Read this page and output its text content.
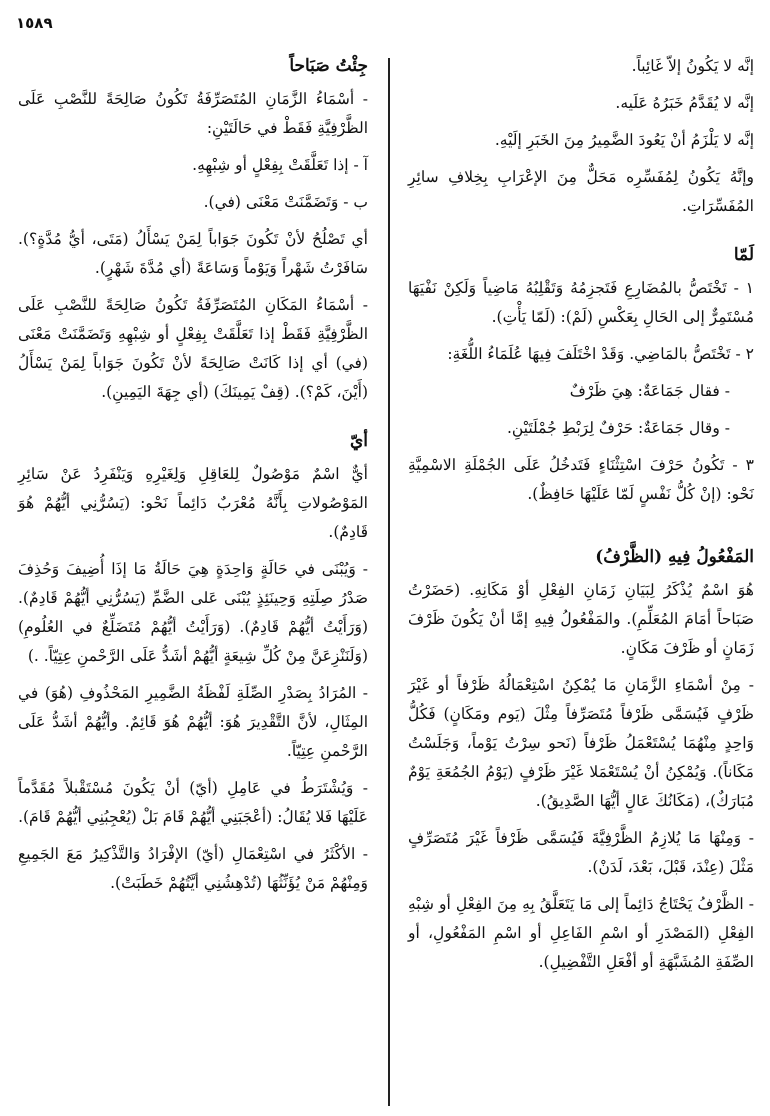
١٥٨٩
إنَّه لا يَكُونُ إلاّ غَائِباً.
إنَّه لا يُقَدَّمُ خَبَرُهُ عَلَيه.
إنَّه لا يَلْزَمُ أنْ يَعُودَ الضَّمِيرُ مِنَ الخَبَرِ إلَيْهِ.
وإنَّهُ يَكُونُ لِمُفَسِّرِه مَحَلٌّ مِنَ الإعْرَابِ بِخِلافِ سائِرِ المُفَسِّرَاتِ.
لَمّا
١ - تَخْتَصُّ بالمُضَارِعِ فَتَجزِمُهُ وَتَقْلِبُهُ مَاضِياً وَلَكِنْ نَفْيَهَا مُسْتَمِرٌّ إلى الحَالِ بِعَكْسِ (لَمْ): (لَمّا يَأْتِ).
٢ - تَخْتَصُّ بالمَاضِي. وَقَدْ اخْتَلَفَ فِيهَا عُلَمَاءُ اللُّغَةِ:
- فقال جَمَاعَةٌ: هِيَ ظَرْفٌ
- وقال جَمَاعَةٌ: حَرْفٌ لِرَبْطِ جُمْلَتَيْنِ.
٣ - تَكُونُ حَرْفَ اسْتِثْنَاءٍ فَتَدخُلُ عَلَى الجُمْلَةِ الاسْمِيَّةِ نَحْو: (إنْ كُلُّ نَفْسٍ لَمّا عَلَيْهَا حَافِظٌ).
المَفْعُولُ فِيهِ (الظَّرْفُ)
هُوَ اسْمٌ يُذْكَرُ لِبَيَانِ زَمَانِ الفِعْلِ أوْ مَكَانِهِ. (حَضَرْتُ صَبَاحاً أمَامَ المُعَلِّمِ). والمَفْعُولُ فِيهِ إمَّا أنْ يَكُونَ ظَرْفَ زَمَانٍ أو ظَرْفَ مَكَانٍ.
- مِنْ أسْمَاءِ الزَّمَانِ مَا يُمْكِنُ اسْتِعْمَالُهُ ظَرْفاً أو غَيْرَ ظَرْفٍ فَيُسَمَّى ظَرْفاً مُتَصَرِّفاً مِثْلَ (يَوم ومَكَانٍ) فَكُلُّ وَاحِدٍ مِنْهُمَا يُسْتَعْمَلُ ظَرْفاً (نَحو سِرْتُ يَوْماً، وَجَلَسْتُ مَكَاناً). وَيُمْكِنُ أنْ يُسْتَعْمَلا غَيْرَ ظَرْفٍ (يَوْمُ الجُمُعَةِ يَوْمٌ مُبَارَكٌ)، (مَكَانُكَ عَالٍ أيُّهَا الصَّدِيقُ).
- وَمِنْهَا مَا يُلازِمُ الظَّرْفِيَّةَ فَيُسَمَّى ظَرْفاً غَيْرَ مُتَصَرِّفٍ مَثْلَ (عِنْدَ، قَبْلَ، بَعْدَ، لَدَنْ).
- الظَّرْفُ يَحْتَاجُ دَائِماً إلى مَا يَتَعَلَّقُ بِهِ مِنَ الفِعْلِ أو شِبْهِ الفِعْلِ (المَصْدَرِ أو اسْمِ الفَاعِلِ أو اسْمِ المَفْعُولِ، أو الصِّفَةِ المُشَبَّهَةِ أو أفْعَلِ التَّفْضِيلِ).
جِئْتُ صَبَاحاً
- أسْمَاءُ الزَّمَانِ المُتَصَرِّفَةُ تَكُونُ صَالِحَةً للنَّصْبِ عَلَى الظَّرْفِيَّةِ فَقَطْ في حَالَتَيْنِ:
آ - إذا تَعَلَّقَتْ بِفِعْلٍ أو شِبْهِهِ.
ب - وَتَضَمَّنَتْ مَعْنَى (في).
أي تَصْلُحُ لأنْ تَكُونَ جَوَاباً لِمَنْ يَسْأَلُ (مَتَى، أيُّ مُدَّةٍ؟). سَافَرْتُ شَهْراً وَيَوْماً وَسَاعَةً (أي مُدَّةَ شَهْرٍ).
- أسْمَاءُ المَكَانِ المُتَصَرِّفَةُ تَكُونُ صَالِحَةً للنَّصْبِ عَلَى الظَّرْفِيَّةِ فَقَطْ إذا تَعَلَّقَتْ بِفِعْلٍ أو شِبْهِهِ وَتَضَمَّنَتْ مَعْنَى (في) أي إذا كَانَتْ صَالِحَةً لأنْ تَكُونَ جَوَاباً لِمَنْ يَسْأَلُ (أَيْنَ، كَمْ؟). (قِفْ يَمِينَكَ) (أي جِهَةَ اليَمِينِ).
أيّ
أيٌّ اسْمٌ مَوْصُولٌ لِلعَاقِلِ وَلِغَيْرِهِ وَيَنْفَرِدُ عَنْ سَائِرِ المَوْصُولاتِ بِأَنَّهُ مُعْرَبٌ دَائِماً نَحْو: (يَسُرُّنِي أيُّهُمْ هُوَ قَادِمٌ).
- وَيُبْنَى في حَالَةٍ وَاحِدَةٍ هِيَ حَالَةُ مَا إذَا أُضِيفَ وَحُذِفَ صَدْرُ صِلَتِهِ وَحِينَئِذٍ يُبْنَى عَلى الضَّمِّ (يَسُرُّنِي أيُّهُمْ قَادِمٌ). (وَرَأَيْتُ أيُّهُمْ قَادِمٌ). (وَرَأَيْتُ أيُّهُمْ مُتَضَلِّعٌ في العُلُومِ) (وَلَنَنْزِعَنَّ مِنْ كُلِّ شِيعَةٍ أيُّهُمْ أشَدُّ عَلَى الرَّحْمنِ عِتِيّاً. .)
- المُرَادُ بِصَدْرِ الصِّلَةِ لَفْظَةُ الضَّمِيرِ المَحْذُوفِ (هُوَ) في المِثَالِ، لأنَّ التَّقْدِيرَ هُوَ: أيُّهُمْ هُوَ قَائِمٌ. وأيُّهُمْ أشَدُّ عَلَى الرَّحْمنِ عِتِيّاً.
- وَيُشْتَرَطُ في عَامِلِ (أيّ) أنْ يَكُونَ مُسْتَقْبلاً مُقَدَّماً عَلَيْهَا فَلا يُقَالُ: (أعْجَبَنِي أيُّهُمْ قَامَ بَلْ (يُعْجِبُنِي أيُّهُمْ قَامَ).
- الأكْثَرُ في اسْتِعْمَالِ (أيّ) الإفْرَادُ وَالتَّذْكِيرُ مَعَ الجَمِيعِ وَمِنْهُمْ مَنْ يُؤَنِّثُهَا (تُدْهِشُنِي أيَّتُهُمْ خَطَبَتْ).
